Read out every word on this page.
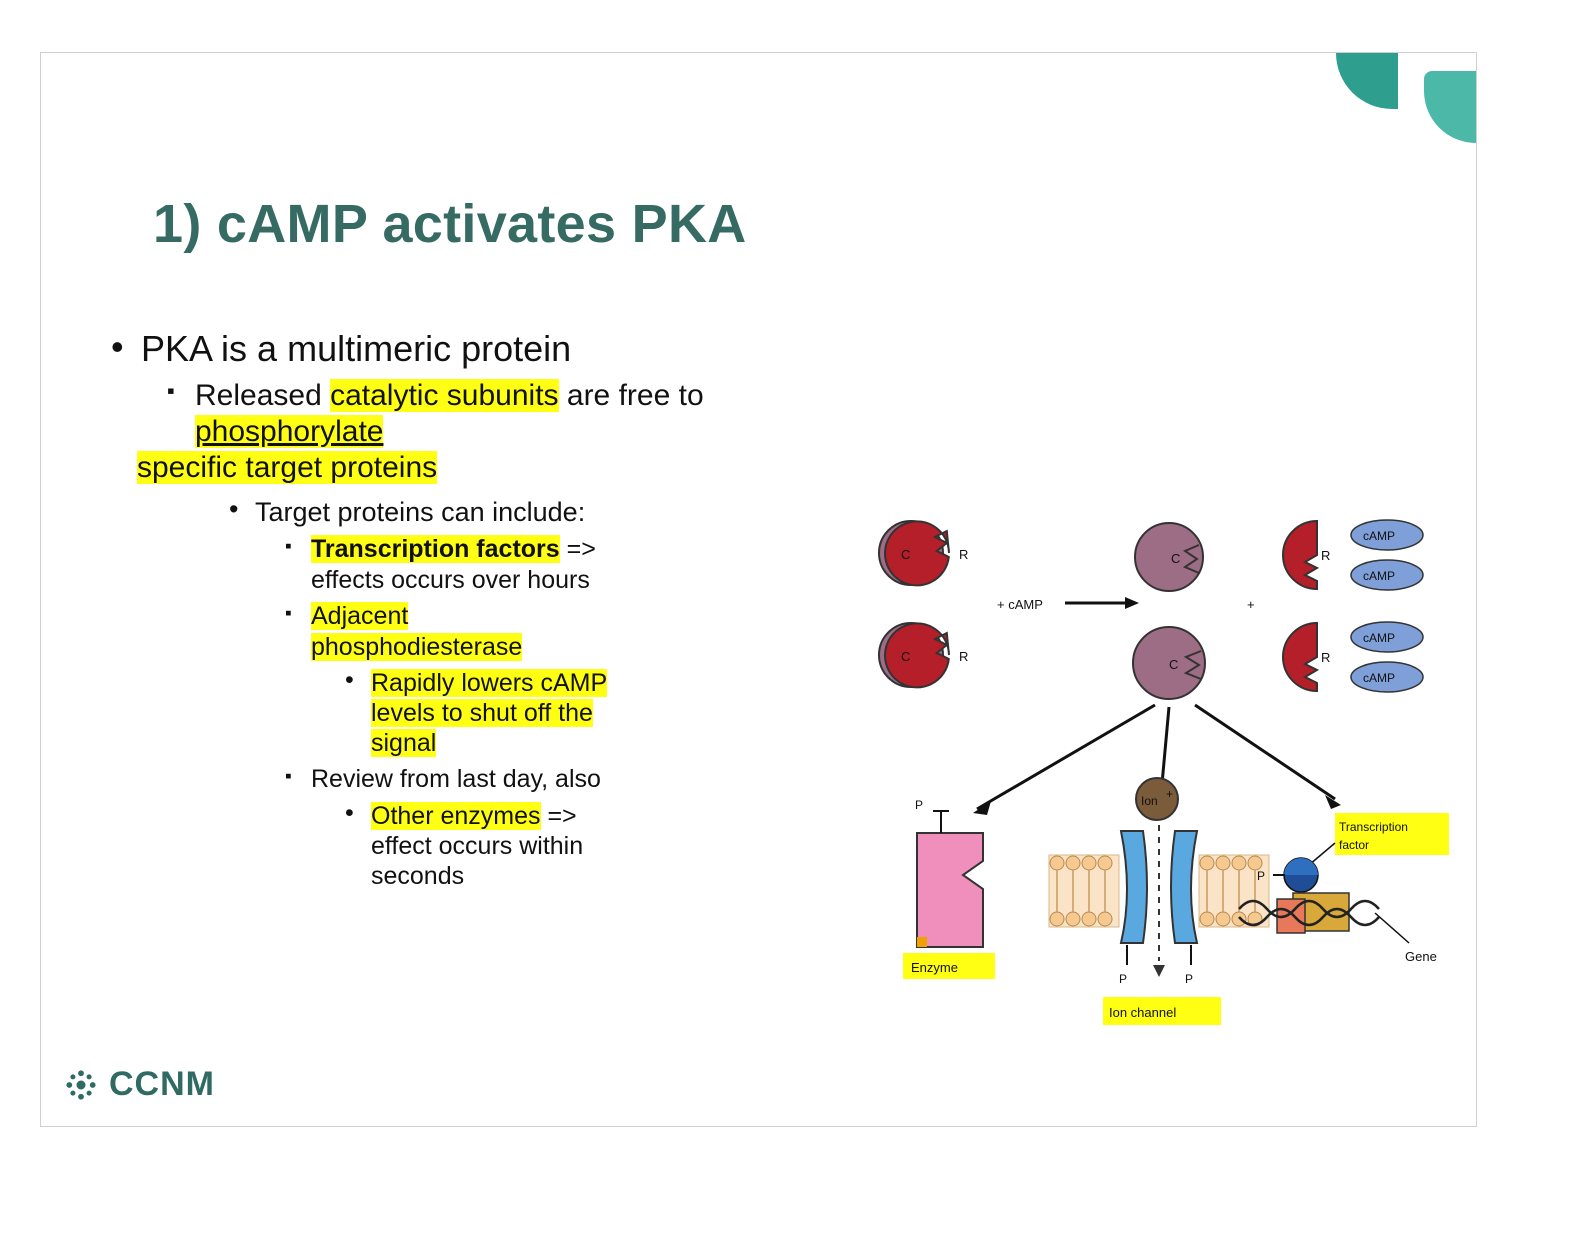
1) cAMP activates PKA
• PKA is a multimeric protein
▪ Released catalytic subunits are free to phosphorylate
specific target proteins
• Target proteins can include:
▪ Transcription factors =>
effects occurs over hours
▪ Adjacent
phosphodiesterase
• Rapidly lowers cAMP
levels to shut off the
signal
▪ Review from last day, also
• Other enzymes =>
effect occurs within
seconds
C	R
C	R
+ cAMP
C
C
+
R
cAMP
cAMP
R
cAMP
cAMP
P
Enzyme
Ion +
P	P
Ion channel
Transcription
factor
P
Gene
CCNM
